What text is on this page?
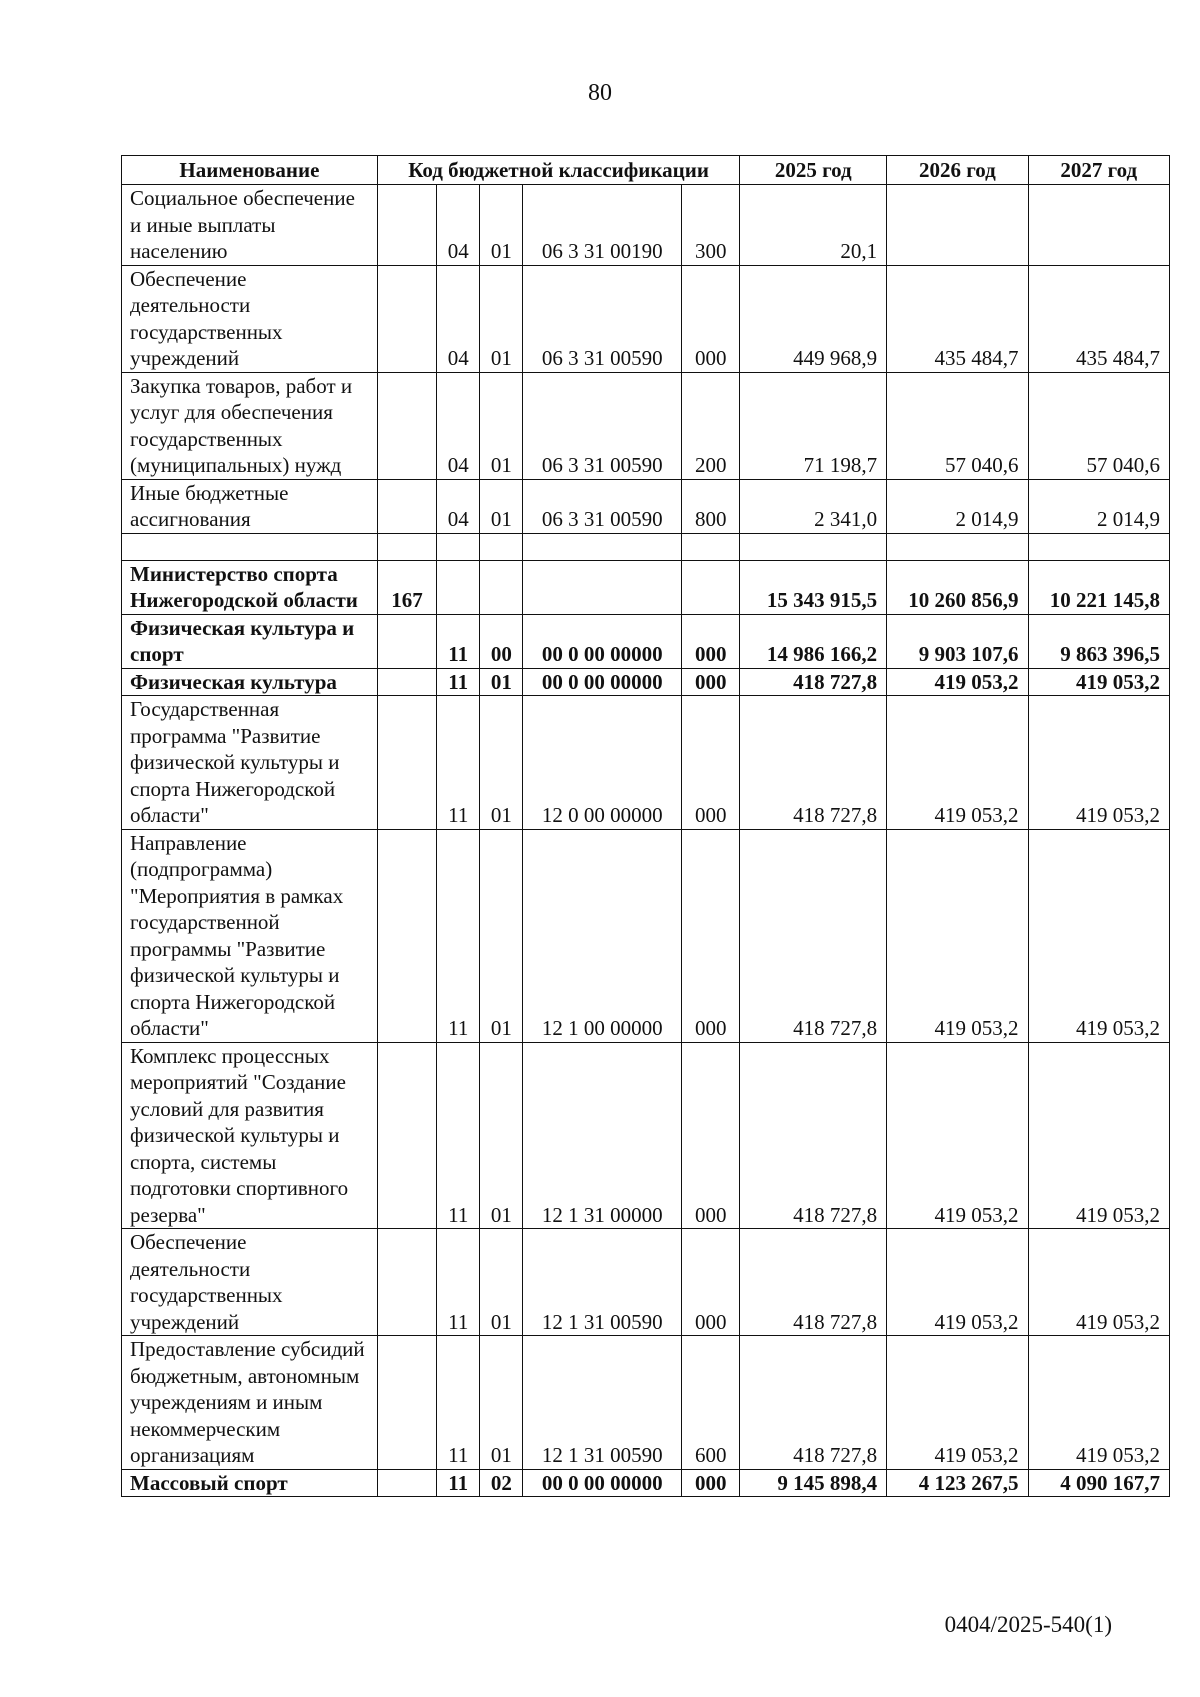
80
Наименование	Код бюджетной классификации					2025 год	2026 год	2027 год
Социальное обеспечение и иные выплаты населению		04	01	06 3 31 00190	300	20,1		
Обеспечение деятельности государственных учреждений		04	01	06 3 31 00590	000	449 968,9	435 484,7	435 484,7
Закупка товаров, работ и услуг для обеспечения государственных (муниципальных) нужд		04	01	06 3 31 00590	200	71 198,7	57 040,6	57 040,6
Иные бюджетные ассигнования		04	01	06 3 31 00590	800	2 341,0	2 014,9	2 014,9

Министерство спорта Нижегородской области	167					15 343 915,5	10 260 856,9	10 221 145,8
Физическая культура и спорт		11	00	00 0 00 00000	000	14 986 166,2	9 903 107,6	9 863 396,5
Физическая культура		11	01	00 0 00 00000	000	418 727,8	419 053,2	419 053,2
Государственная программа "Развитие физической культуры и спорта Нижегородской области"		11	01	12 0 00 00000	000	418 727,8	419 053,2	419 053,2
Направление (подпрограмма) "Мероприятия в рамках государственной программы "Развитие физической культуры и спорта Нижегородской области"		11	01	12 1 00 00000	000	418 727,8	419 053,2	419 053,2
Комплекс процессных мероприятий "Создание условий для развития физической культуры и спорта, системы подготовки спортивного резерва"		11	01	12 1 31 00000	000	418 727,8	419 053,2	419 053,2
Обеспечение деятельности государственных учреждений		11	01	12 1 31 00590	000	418 727,8	419 053,2	419 053,2
Предоставление субсидий бюджетным, автономным учреждениям и иным некоммерческим организациям		11	01	12 1 31 00590	600	418 727,8	419 053,2	419 053,2
Массовый спорт		11	02	00 0 00 00000	000	9 145 898,4	4 123 267,5	4 090 167,7
0404/2025-540(1)
